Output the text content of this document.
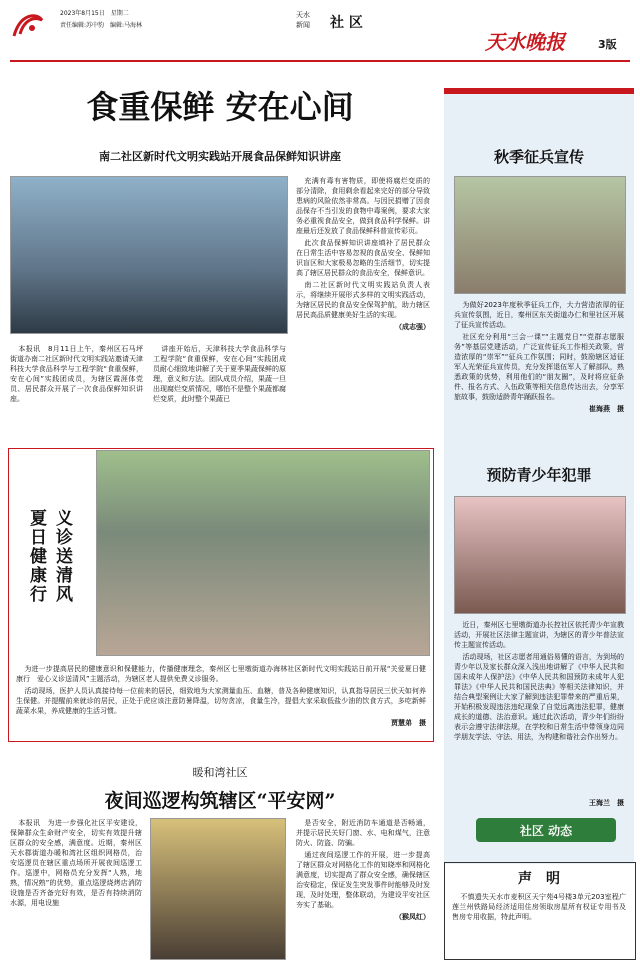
2023年8月15日　星期二
责任编辑:苏中豹　编辑:马海林
天水
新闻 社 区
天水晚报	3版
食重保鲜 安在心间
南二社区新时代文明实践站开展食品保鲜知识讲座

本报讯　8月11日上午，秦州区石马坪街道办南二社区新时代文明实践站邀请天津科技大学食品科学与工程学院“食重保鲜，安在心间”实践团成员，为辖区霞涯体党员、居民群众开展了一次食品保鲜知识讲座。

讲座开始后，天津科技大学食品科学与工程学院“食重保鲜，安在心间”实践团成员耐心细致地讲解了关于夏季果蔬保鲜的原理，意义和方法。团队成员介绍，果蔬一旦出现腐烂变质情况，哪怕不是整个果蔬都腐烂变质，此时整个果蔬已

充满有毒有害物质，即使将腐烂变质的部分清除，食用剩余看起来完好的部分导致患病的风险依然非常高。与因民捐赠了因食品保存不当引发的食物中毒案例，要求大家务必重视食品安全，做到食品科学保鲜。讲座最后还发放了食品保鲜科普宣传彩页。

此次食品保鲜知识讲座填补了居民群众在日常生活中容易忽视的食品安全、保鲜知识盲区和大家极易忽略的生活细节，切实提高了辖区居民群众的食品安全，保鲜意识。

南二社区新时代文明实践站负责人表示，将继续开展形式多样的文明实践活动，为辖区居民的食品安全保驾护航，助力辖区居民高品质健康美好生活的实现。

（成志强）
夏日健康行
义诊送清风

为进一步提高居民的健康意识和保健能力，传播健康理念，秦州区七里墩街道办海林社区新时代文明实践站日前开展“关爱夏日健康行　爱心义诊送清风”主题活动，为辖区老人提供免费义诊服务。

活动现场，医护人员认真接待每一位前来的居民，细致地为大家测量血压、血糖，普及各种健康知识，认真指导居民三伏天如何养生保健。并提醒前来就诊的居民，正处于虎应该注意防暑降温，切勿贪凉，食量生冷，提倡大家采取低盐少油的饮食方式，多吃新鲜蔬菜水果，养成健康的生活习惯。

贾慧弟　摄
暖和湾社区
夜间巡逻构筑辖区“平安网”

本报讯　为进一步强化社区平安建设，保障群众生命财产安全，切实有效提升辖区群众的安全感，满意度。近期，秦州区天水郡街道办暖和湾社区组织网格员，治安巡逻员在辖区重点场所开展夜间巡逻工作。巡逻中，网格员充分发挥“人熟，地熟，情况熟”的优势，重点巡逻烧烤店消防设施是否齐备完好有效，是否有持续消防水源，用电设施

是否安全，附近消防车通道是否畅通，并提示居民关好门窗、水、电和煤气，注意防火、防盗、防骗。

通过夜间巡逻工作的开展，进一步提高了辖区群众对网格化工作的知晓率和网格化满意度，切实提高了群众安全感，确保辖区治安稳定，保证发生突发事件时能够及时发现，及时处理，整体联动，为建设平安社区夯实了基础。

（猴凤红）
秋季征兵宣传

为做好2023年度秋季征兵工作，大力营造浓厚的征兵宣传氛围，近日，秦州区东关街道办仁和里社区开展了征兵宣传活动。

社区充分利用“三会一课”“主题党日”“党群志愿服务”等基层党建活动，广泛宣传征兵工作相关政策，营造浓厚的“崇军”“征兵工作氛围；同时，鼓励辖区适征军人光荣征兵宣传员，充分发挥退伍军人了解部队，熟悉政策的优势，利用他们的“朋友圈”，及时将应征条件、报名方式、入伍政策等相关信息传达出去，分享军旅故事，鼓励适龄青年踊跃报名。

崔海燕　摄
预防青少年犯罪

近日，秦州区七里墩街道办长控社区依托青少年宣教活动，开展社区法律主题宣讲，为辖区的青少年普法宣传主题宣传活动。

活动现场，社区志愿者用通俗易懂的语言，为到场的青少年以及家长群众深入浅出地讲解了《中华人民共和国未成年人保护法》《中华人民共和国预防未成年人犯罪法》《中华人民共和国民法典》等相关法律知识，并结合典型案例让大家了解到违法犯罪带来的严重后果，开始积极发现违法违纪现象了自觉远离违法犯罪，健康成长的道德、法治意识。通过此次活动，青少年们纷纷表示会遵守法律法规，在学校和日常生活中带领身边同学朋友学法、守法、用法，为构建和谐社会作出努力。

王海兰　摄
社区 动态
声　明

不慎遗失天水市麦积区天宁苑4号楼3单元203室程广莲兰州铁路局经济适用住房领取房屋所有权证专用书及售房专用收据，特此声明。
